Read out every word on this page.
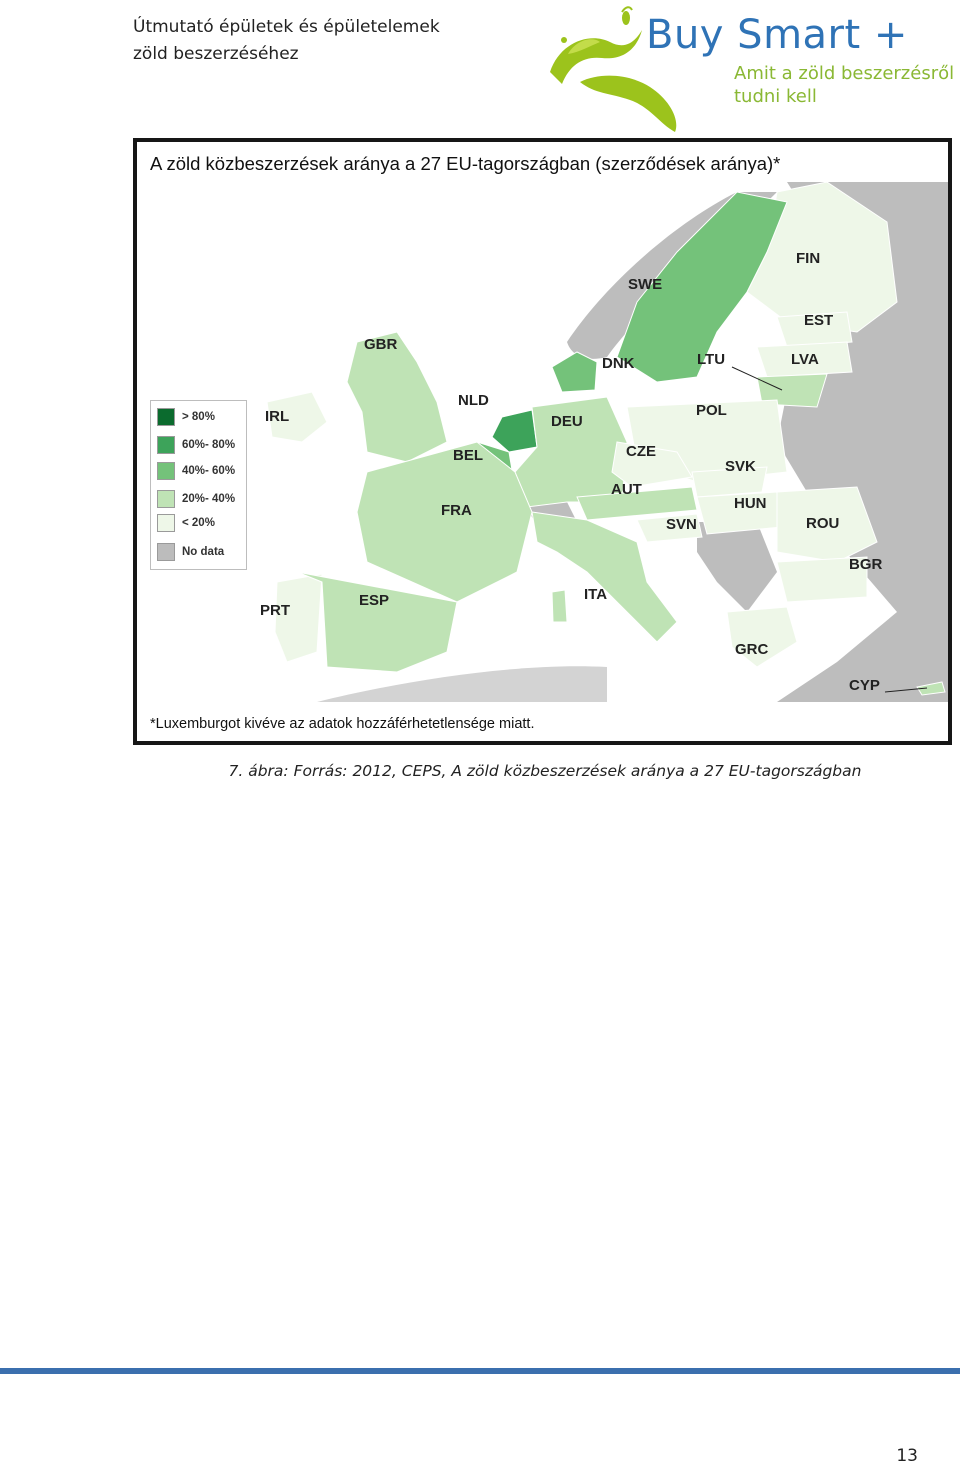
Útmutató épületek és épületelemek
zöld beszerzéséhez	Buy Smart +
Amit a zöld beszerzésről
tudni kell
A zöld közbeszerzések aránya a 27 EU-tagországban (szerződések aránya)*
FIN
SWE
EST
GBR
DNK	LTU	LVA
NLD
IRL	DEU
POL
BEL	CZE
SVK
AUT
FRA	HUN
SVN	ROU
BGR
ITA
PRT
ESP
GRC
CYP
> 80%
60%- 80%
40%- 60%
20%- 40%
< 20%
No data
*Luxemburgot kivéve az adatok hozzáférhetetlensége miatt.
7. ábra: Forrás: 2012, CEPS, A zöld közbeszerzések aránya a 27 EU-tagországban
13
